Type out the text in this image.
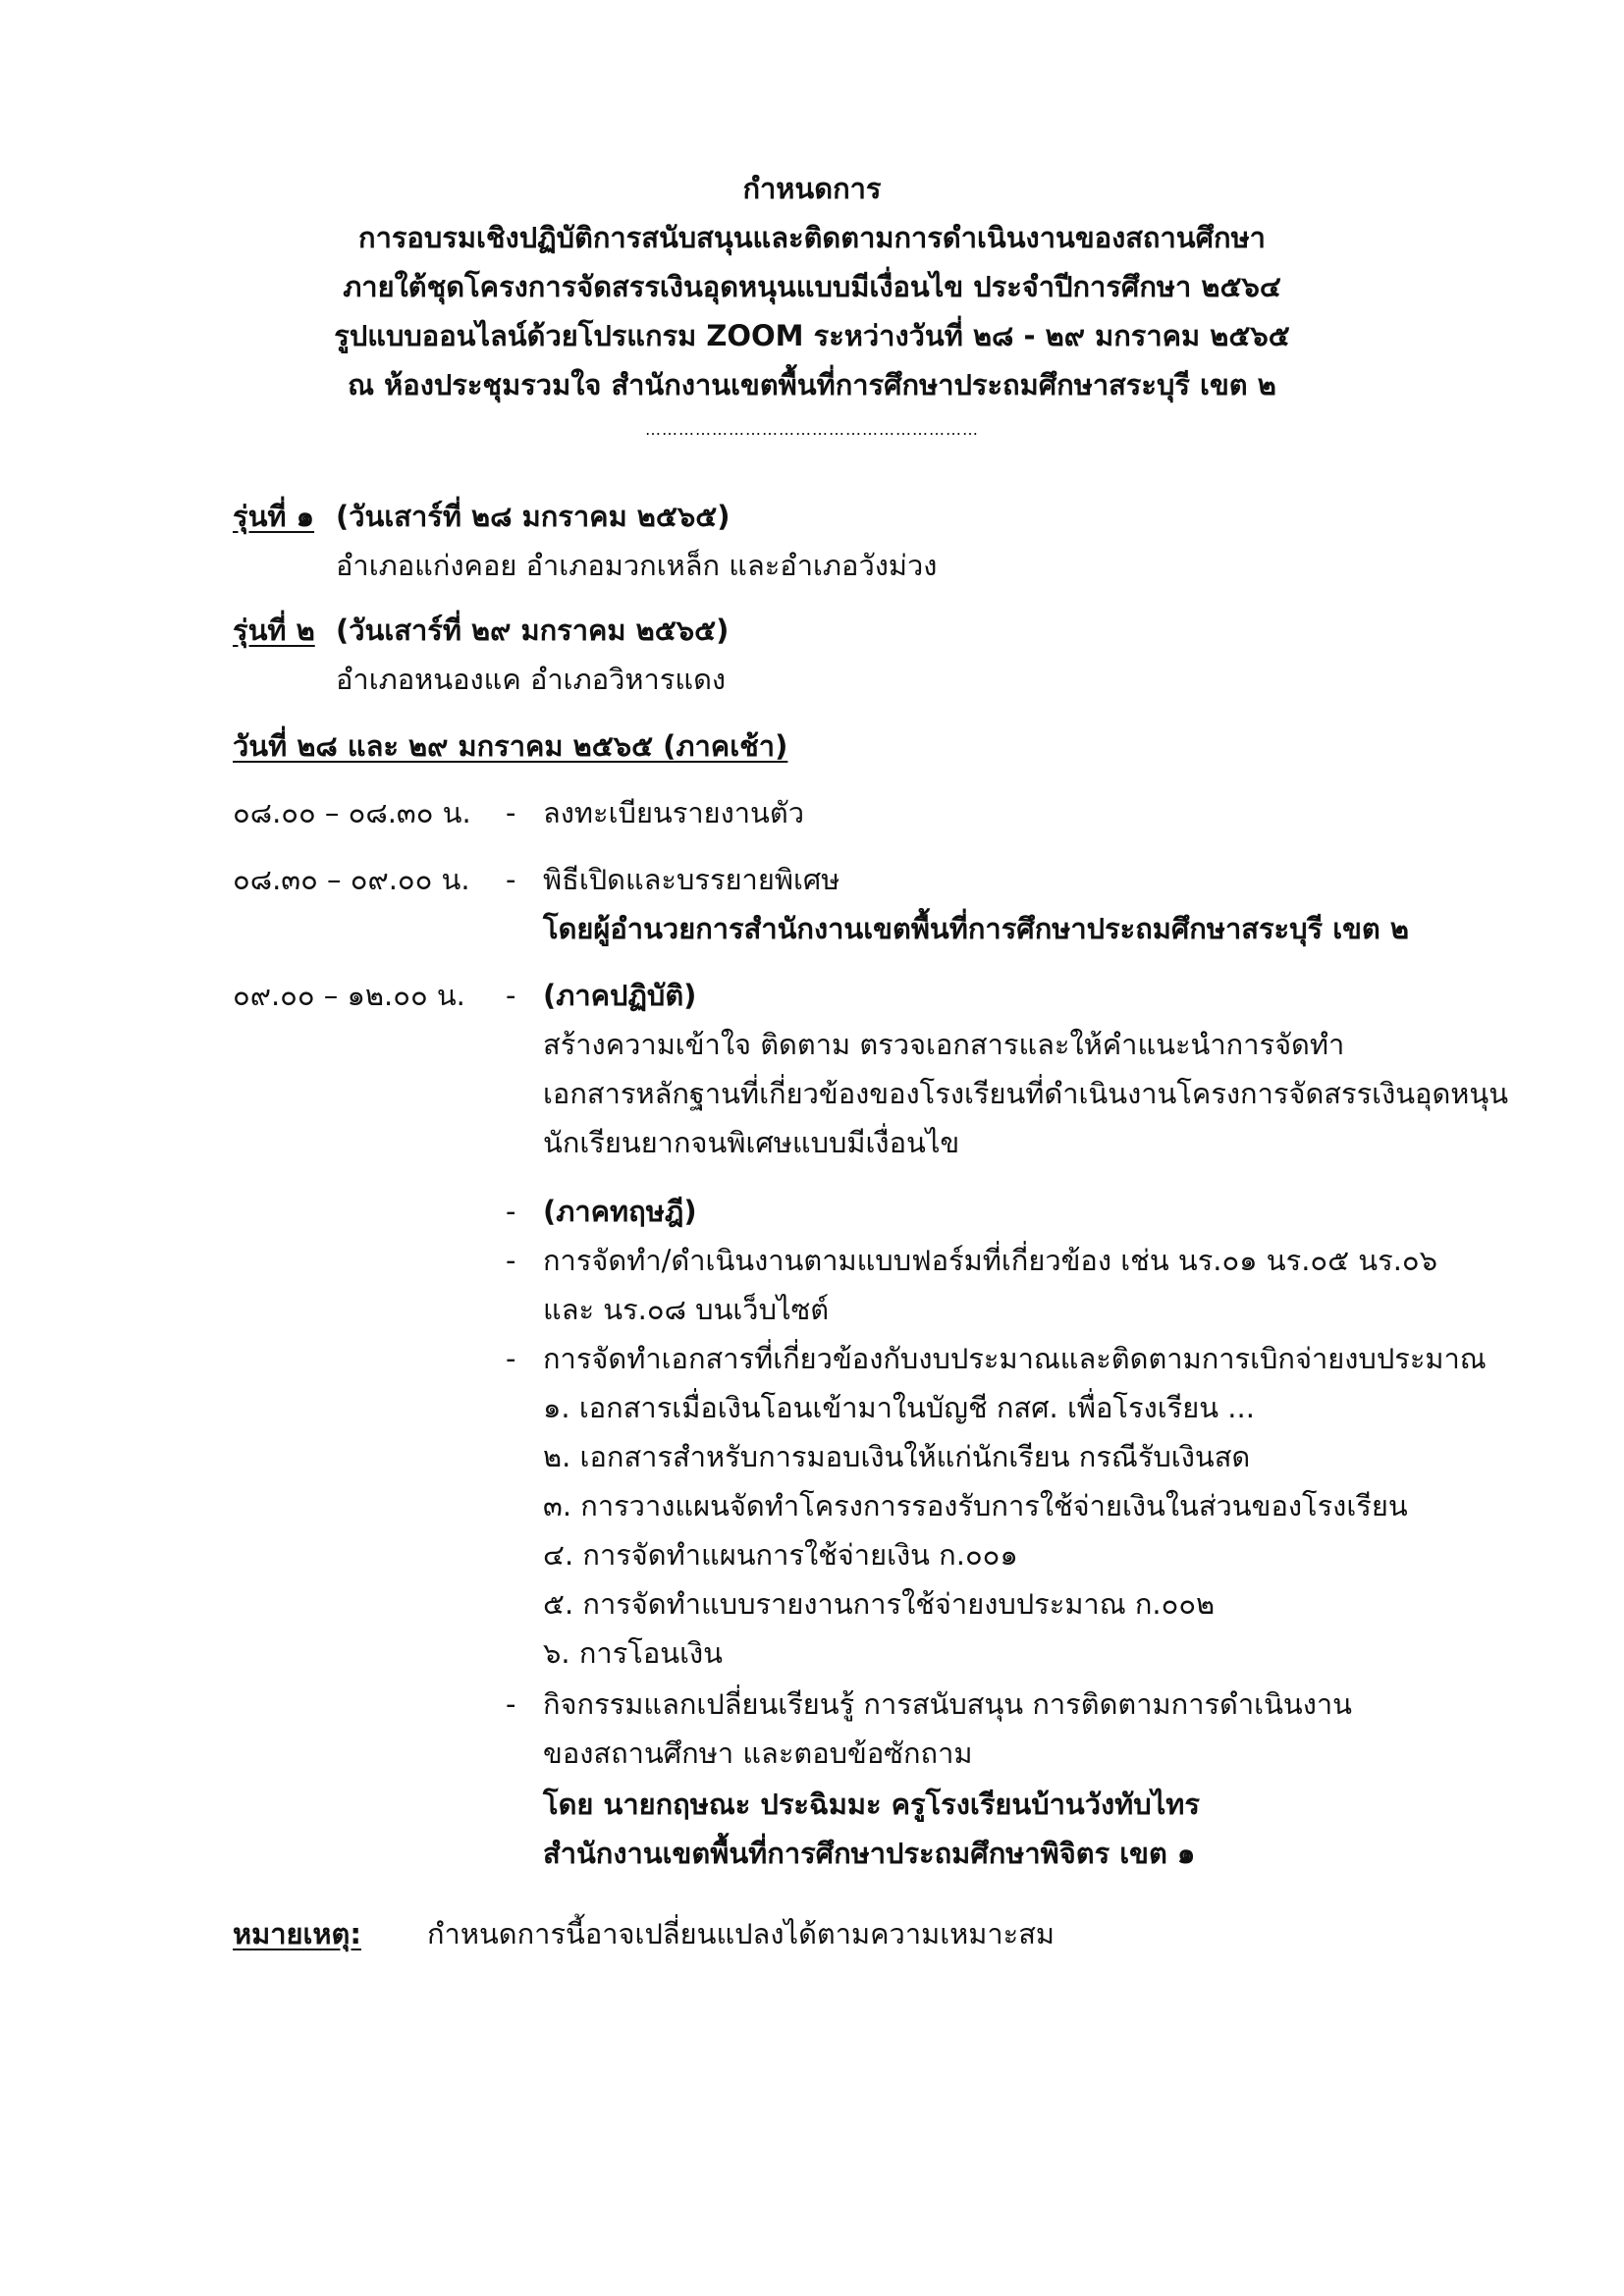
กำหนดการ
การอบรมเชิงปฏิบัติการสนับสนุนและติดตามการดำเนินงานของสถานศึกษา
ภายใต้ชุดโครงการจัดสรรเงินอุดหนุนแบบมีเงื่อนไข ประจำปีการศึกษา ๒๕๖๔
รูปแบบออนไลน์ด้วยโปรแกรม ZOOM ระหว่างวันที่ ๒๘ - ๒๙ มกราคม ๒๕๖๕
ณ ห้องประชุมรวมใจ สำนักงานเขตพื้นที่การศึกษาประถมศึกษาสระบุรี เขต ๒
……………………………………………………
รุ่นที่ ๑ (วันเสาร์ที่ ๒๘ มกราคม ๒๕๖๕)
อำเภอแก่งคอย อำเภอมวกเหล็ก และอำเภอวังม่วง
รุ่นที่ ๒ (วันเสาร์ที่ ๒๙ มกราคม ๒๕๖๕)
อำเภอหนองแค อำเภอวิหารแดง
วันที่ ๒๘ และ ๒๙ มกราคม ๒๕๖๕ (ภาคเช้า)
๐๘.๐๐ – ๐๘.๓๐ น. - ลงทะเบียนรายงานตัว
๐๘.๓๐ – ๐๙.๐๐ น. - พิธีเปิดและบรรยายพิเศษ
โดยผู้อำนวยการสำนักงานเขตพื้นที่การศึกษาประถมศึกษาสระบุรี เขต ๒
๐๙.๐๐ – ๑๒.๐๐ น. - (ภาคปฏิบัติ)
สร้างความเข้าใจ ติดตาม ตรวจเอกสารและให้คำแนะนำการจัดทำ
เอกสารหลักฐานที่เกี่ยวข้องของโรงเรียนที่ดำเนินงานโครงการจัดสรรเงินอุดหนุน
นักเรียนยากจนพิเศษแบบมีเงื่อนไข
- (ภาคทฤษฎี)
- การจัดทำ/ดำเนินงานตามแบบฟอร์มที่เกี่ยวข้อง เช่น นร.๐๑ นร.๐๕ นร.๐๖
และ นร.๐๘ บนเว็บไซต์
- การจัดทำเอกสารที่เกี่ยวข้องกับงบประมาณและติดตามการเบิกจ่ายงบประมาณ
๑. เอกสารเมื่อเงินโอนเข้ามาในบัญชี กสศ. เพื่อโรงเรียน ...
๒. เอกสารสำหรับการมอบเงินให้แก่นักเรียน กรณีรับเงินสด
๓. การวางแผนจัดทำโครงการรองรับการใช้จ่ายเงินในส่วนของโรงเรียน
๔. การจัดทำแผนการใช้จ่ายเงิน ก.๐๐๑
๕. การจัดทำแบบรายงานการใช้จ่ายงบประมาณ ก.๐๐๒
๖. การโอนเงิน
- กิจกรรมแลกเปลี่ยนเรียนรู้ การสนับสนุน การติดตามการดำเนินงาน
ของสถานศึกษา และตอบข้อซักถาม
โดย นายกฤษณะ ประฉิมมะ ครูโรงเรียนบ้านวังทับไทร
สำนักงานเขตพื้นที่การศึกษาประถมศึกษาพิจิตร เขต ๑
หมายเหตุ: กำหนดการนี้อาจเปลี่ยนแปลงได้ตามความเหมาะสม
